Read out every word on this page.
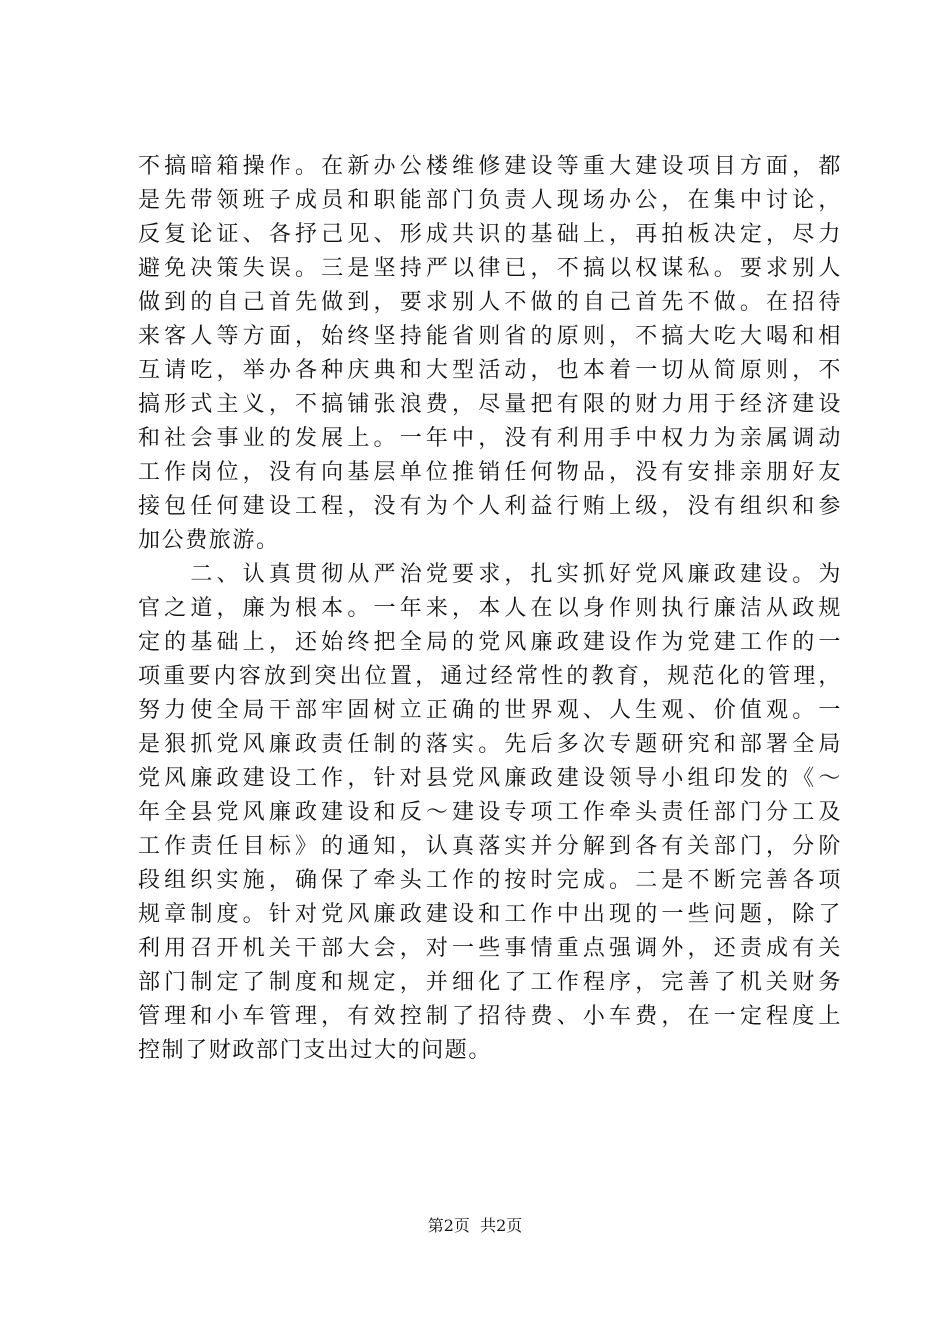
不搞暗箱操作。在新办公楼维修建设等重大建设项目方面，都
是先带领班子成员和职能部门负责人现场办公，在集中讨论，
反复论证、各抒己见、形成共识的基础上，再拍板决定，尽力
避免决策失误。三是坚持严以律已，不搞以权谋私。要求别人
做到的自己首先做到，要求别人不做的自己首先不做。在招待
来客人等方面，始终坚持能省则省的原则，不搞大吃大喝和相
互请吃，举办各种庆典和大型活动，也本着一切从简原则，不
搞形式主义，不搞铺张浪费，尽量把有限的财力用于经济建设
和社会事业的发展上。一年中，没有利用手中权力为亲属调动
工作岗位，没有向基层单位推销任何物品，没有安排亲朋好友
接包任何建设工程，没有为个人利益行贿上级，没有组织和参
加公费旅游。
　　二、认真贯彻从严治党要求，扎实抓好党风廉政建设。为
官之道，廉为根本。一年来，本人在以身作则执行廉洁从政规
定的基础上，还始终把全局的党风廉政建设作为党建工作的一
项重要内容放到突出位置，通过经常性的教育，规范化的管理，
努力使全局干部牢固树立正确的世界观、人生观、价值观。一
是狠抓党风廉政责任制的落实。先后多次专题研究和部署全局
党风廉政建设工作，针对县党风廉政建设领导小组印发的《～
年全县党风廉政建设和反～建设专项工作牵头责任部门分工及
工作责任目标》的通知，认真落实并分解到各有关部门，分阶
段组织实施，确保了牵头工作的按时完成。二是不断完善各项
规章制度。针对党风廉政建设和工作中出现的一些问题，除了
利用召开机关干部大会，对一些事情重点强调外，还责成有关
部门制定了制度和规定，并细化了工作程序，完善了机关财务
管理和小车管理，有效控制了招待费、小车费，在一定程度上
控制了财政部门支出过大的问题。
第2页  共2页
